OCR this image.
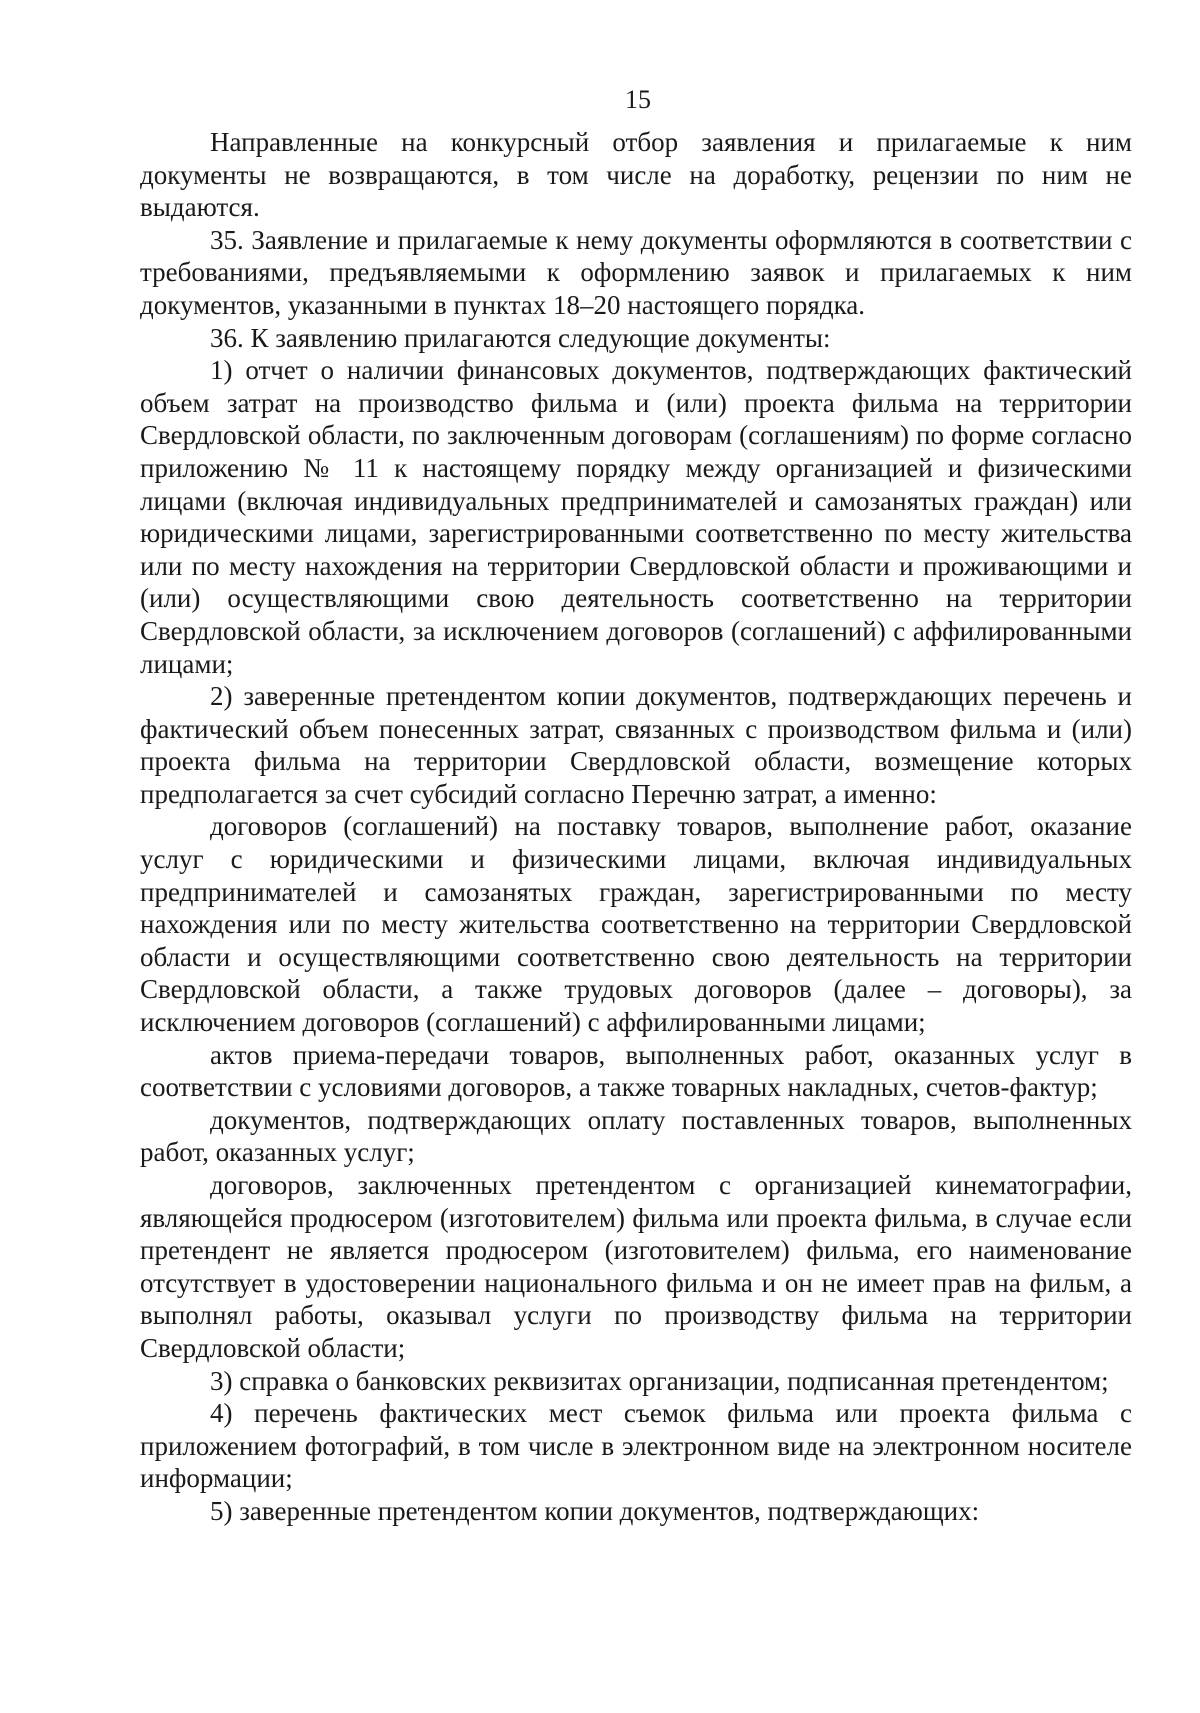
15

Направленные на конкурсный отбор заявления и прилагаемые к ним документы не возвращаются, в том числе на доработку, рецензии по ним не выдаются.

35. Заявление и прилагаемые к нему документы оформляются в соответствии с требованиями, предъявляемыми к оформлению заявок и прилагаемых к ним документов, указанными в пунктах 18–20 настоящего порядка.

36. К заявлению прилагаются следующие документы:

1) отчет о наличии финансовых документов, подтверждающих фактический объем затрат на производство фильма и (или) проекта фильма на территории Свердловской области, по заключенным договорам (соглашениям) по форме согласно приложению № 11 к настоящему порядку между организацией и физическими лицами (включая индивидуальных предпринимателей и самозанятых граждан) или юридическими лицами, зарегистрированными соответственно по месту жительства или по месту нахождения на территории Свердловской области и проживающими и (или) осуществляющими свою деятельность соответственно на территории Свердловской области, за исключением договоров (соглашений) с аффилированными лицами;

2) заверенные претендентом копии документов, подтверждающих перечень и фактический объем понесенных затрат, связанных с производством фильма и (или) проекта фильма на территории Свердловской области, возмещение которых предполагается за счет субсидий согласно Перечню затрат, а именно:

договоров (соглашений) на поставку товаров, выполнение работ, оказание услуг с юридическими и физическими лицами, включая индивидуальных предпринимателей и самозанятых граждан, зарегистрированными по месту нахождения или по месту жительства соответственно на территории Свердловской области и осуществляющими соответственно свою деятельность на территории Свердловской области, а также трудовых договоров (далее – договоры), за исключением договоров (соглашений) с аффилированными лицами;

актов приема-передачи товаров, выполненных работ, оказанных услуг в соответствии с условиями договоров, а также товарных накладных, счетов-фактур;

документов, подтверждающих оплату поставленных товаров, выполненных работ, оказанных услуг;

договоров, заключенных претендентом с организацией кинематографии, являющейся продюсером (изготовителем) фильма или проекта фильма, в случае если претендент не является продюсером (изготовителем) фильма, его наименование отсутствует в удостоверении национального фильма и он не имеет прав на фильм, а выполнял работы, оказывал услуги по производству фильма на территории Свердловской области;

3) справка о банковских реквизитах организации, подписанная претендентом;

4) перечень фактических мест съемок фильма или проекта фильма с приложением фотографий, в том числе в электронном виде на электронном носителе информации;

5) заверенные претендентом копии документов, подтверждающих:
